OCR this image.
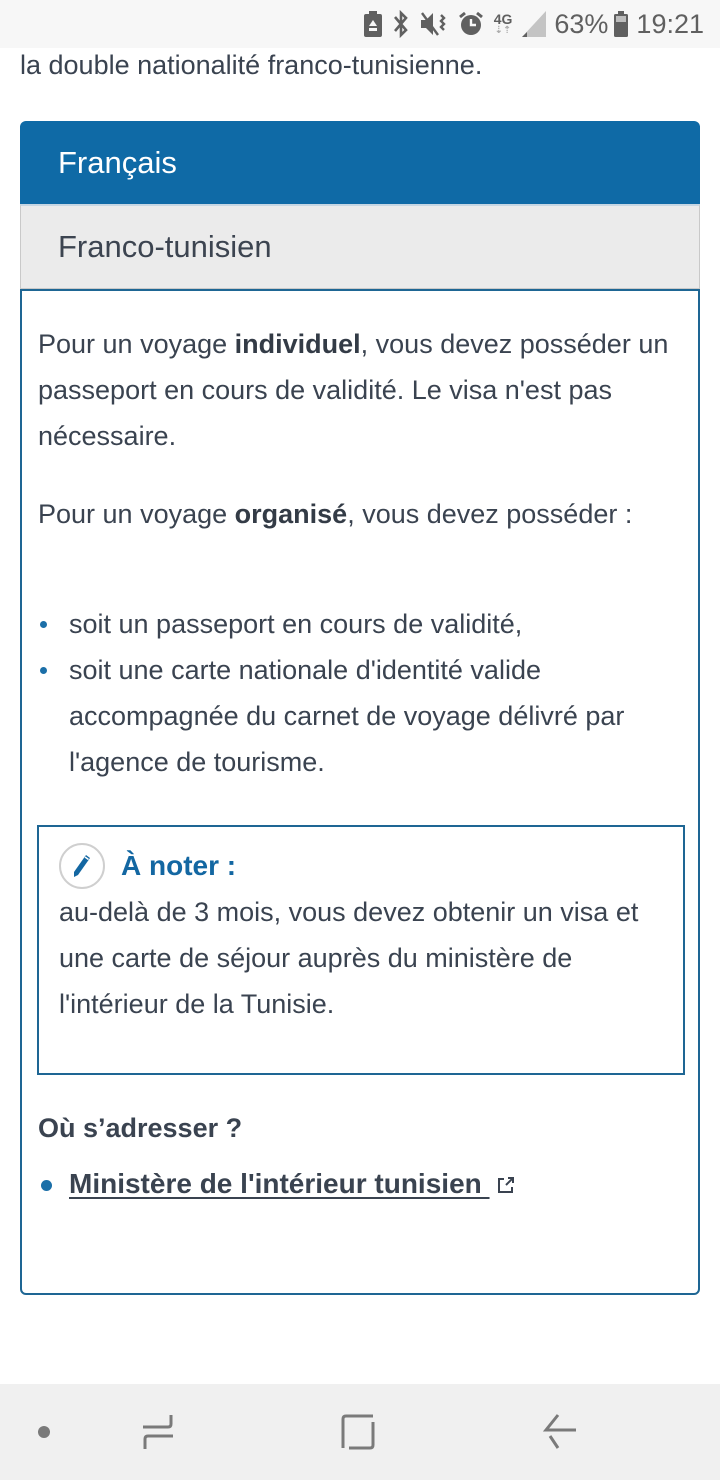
4G
⇣⇡ 63% 19:21
la double nationalité franco-tunisienne.
Français
Franco-tunisien

Pour un voyage individuel, vous devez posséder un passeport en cours de validité. Le visa n'est pas nécessaire.

Pour un voyage organisé, vous devez posséder :

soit un passeport en cours de validité,
soit une carte nationale d'identité valide accompagnée du carnet de voyage délivré par l'agence de tourisme.
À noter :

au-delà de 3 mois, vous devez obtenir un visa et une carte de séjour auprès du ministère de l'intérieur de la Tunisie.

Où s’adresser ?
Ministère de l'intérieur tunisien
